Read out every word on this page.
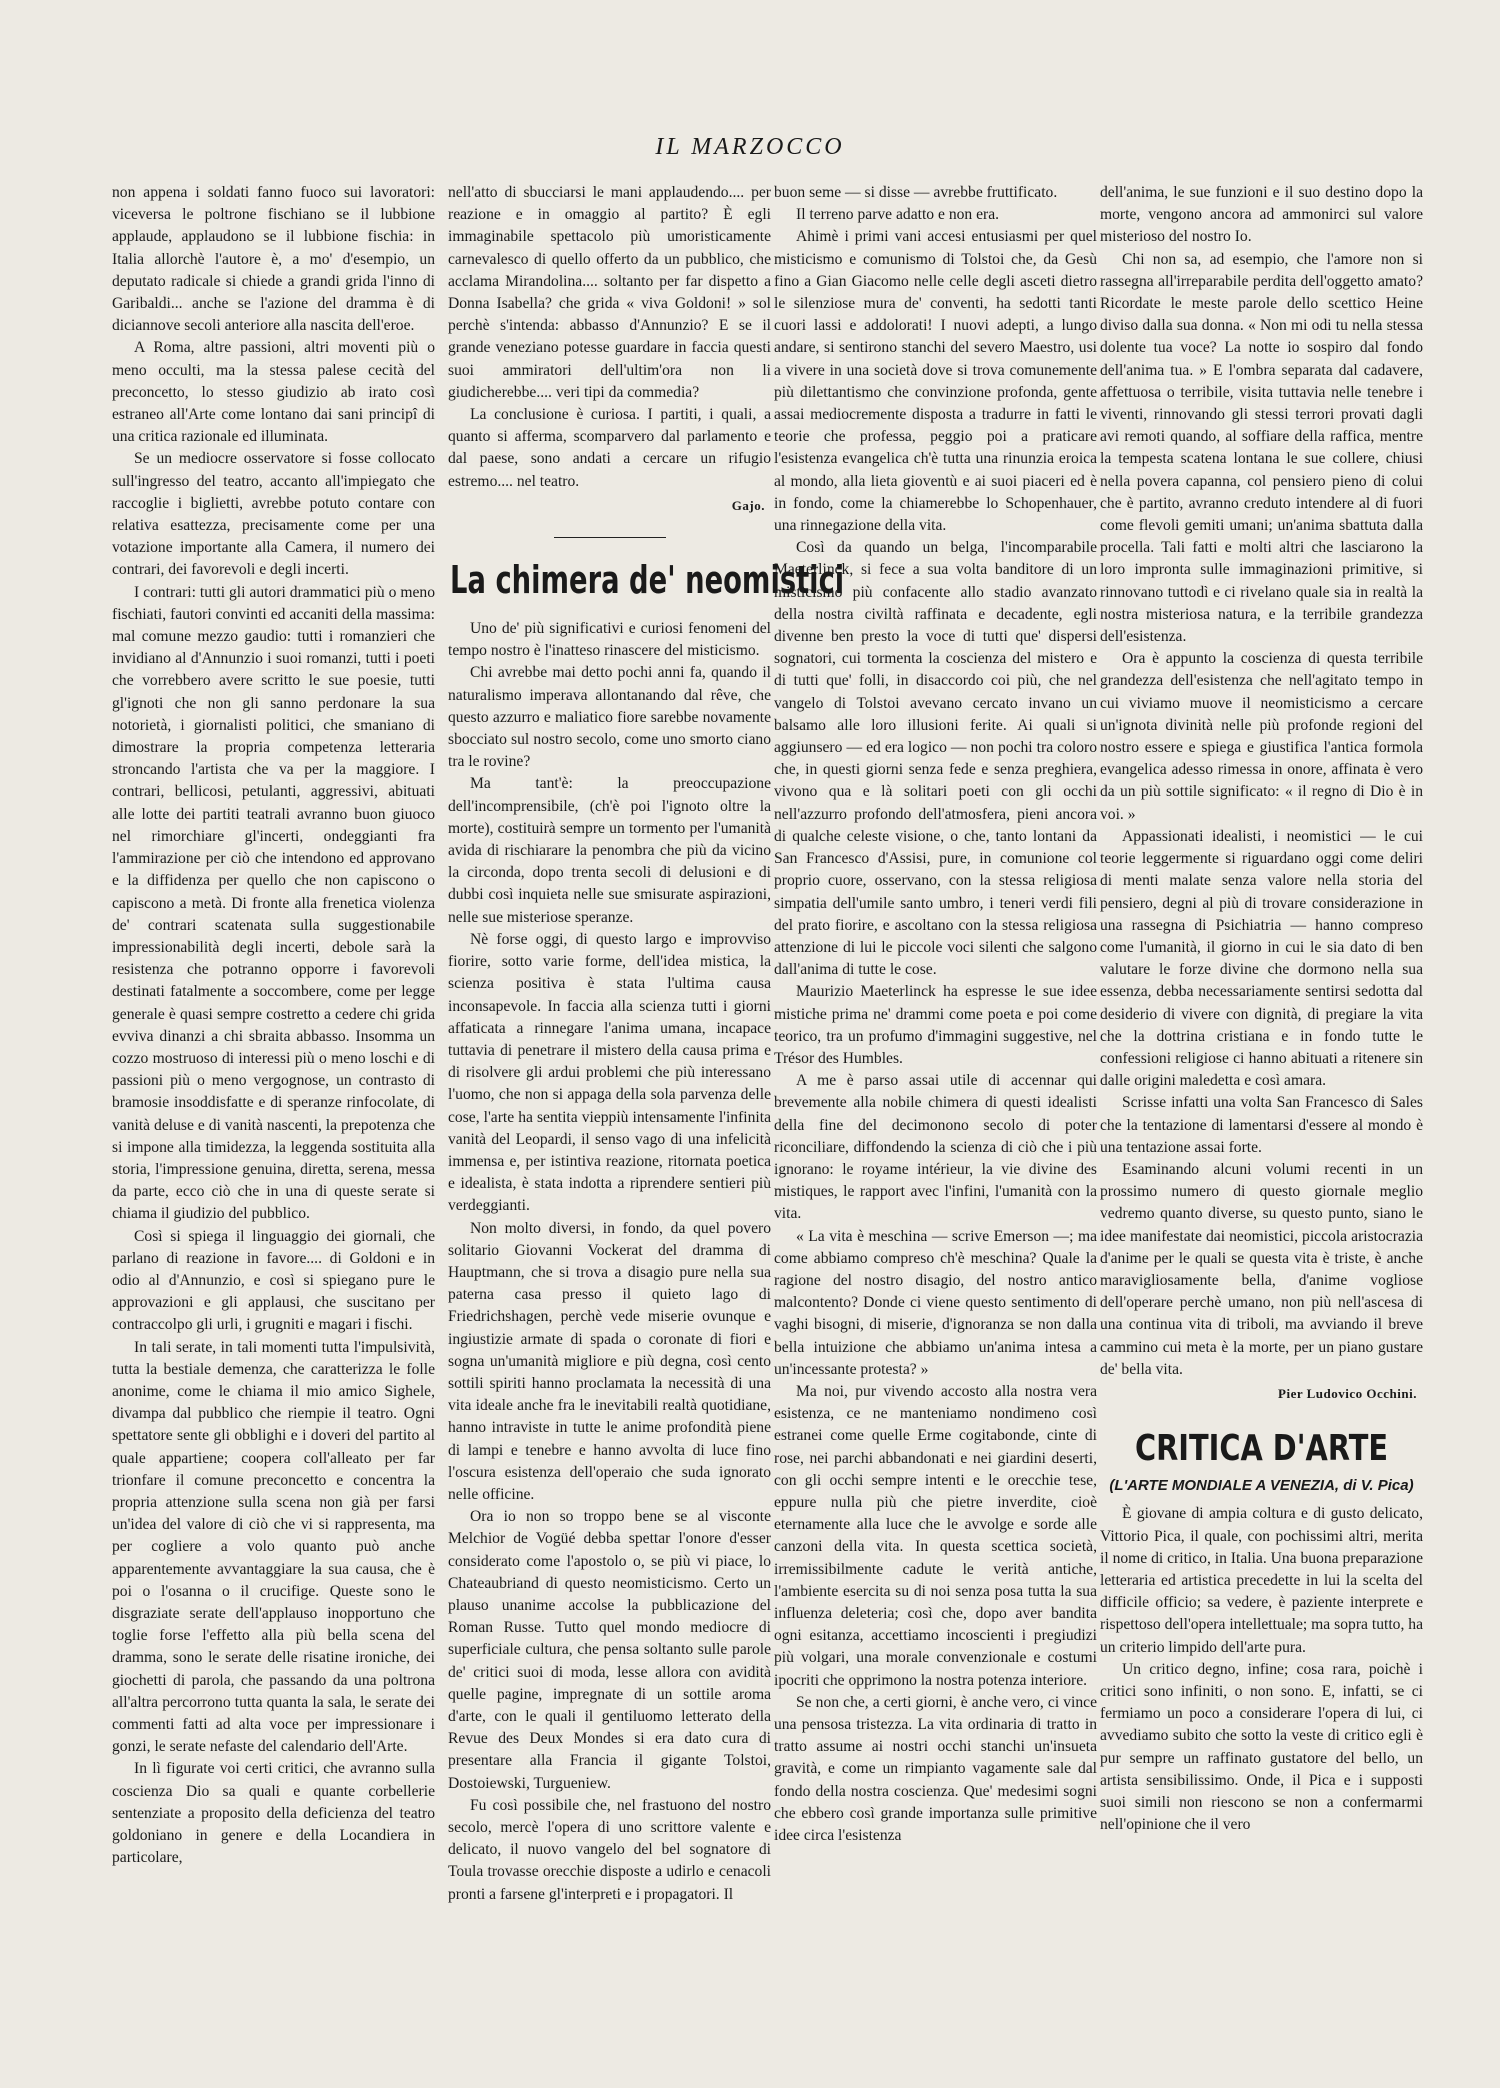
IL MARZOCCO

non appena i soldati fanno fuoco sui lavoratori: viceversa le poltrone fischiano se il lubbione applaude, applaudono se il lubbione fischia: in Italia allorchè l'autore è, a mo' d'esempio, un deputato radicale si chiede a grandi grida l'inno di Garibaldi... anche se l'azione del dramma è di diciannove secoli anteriore alla nascita dell'eroe.

A Roma, altre passioni, altri moventi più o meno occulti, ma la stessa palese cecità del preconcetto, lo stesso giudizio ab irato così estraneo all'Arte come lontano dai sani principî di una critica razionale ed illuminata.

Se un mediocre osservatore si fosse collocato sull'ingresso del teatro, accanto all'impiegato che raccoglie i biglietti, avrebbe potuto contare con relativa esattezza, precisamente come per una votazione importante alla Camera, il numero dei contrari, dei favorevoli e degli incerti.

I contrari: tutti gli autori drammatici più o meno fischiati, fautori convinti ed accaniti della massima: mal comune mezzo gaudio: tutti i romanzieri che invidiano al d'Annunzio i suoi romanzi, tutti i poeti che vorrebbero avere scritto le sue poesie, tutti gl'ignoti che non gli sanno perdonare la sua notorietà, i giornalisti politici, che smaniano di dimostrare la propria competenza letteraria stroncando l'artista che va per la maggiore. I contrari, bellicosi, petulanti, aggressivi, abituati alle lotte dei partiti teatrali avranno buon giuoco nel rimorchiare gl'incerti, ondeggianti fra l'ammirazione per ciò che intendono ed approvano e la diffidenza per quello che non capiscono o capiscono a metà. Di fronte alla frenetica violenza de' contrari scatenata sulla suggestionabile impressionabilità degli incerti, debole sarà la resistenza che potranno opporre i favorevoli destinati fatalmente a soccombere, come per legge generale è quasi sempre costretto a cedere chi grida evviva dinanzi a chi sbraita abbasso. Insomma un cozzo mostruoso di interessi più o meno loschi e di passioni più o meno vergognose, un contrasto di bramosie insoddisfatte e di speranze rinfocolate, di vanità deluse e di vanità nascenti, la prepotenza che si impone alla timidezza, la leggenda sostituita alla storia, l'impressione genuina, diretta, serena, messa da parte, ecco ciò che in una di queste serate si chiama il giudizio del pubblico.

Così si spiega il linguaggio dei giornali, che parlano di reazione in favore.... di Goldoni e in odio al d'Annunzio, e così si spiegano pure le approvazioni e gli applausi, che suscitano per contraccolpo gli urli, i grugniti e magari i fischi.

In tali serate, in tali momenti tutta l'impulsività, tutta la bestiale demenza, che caratterizza le folle anonime, come le chiama il mio amico Sighele, divampa dal pubblico che riempie il teatro. Ogni spettatore sente gli obblighi e i doveri del partito al quale appartiene; coopera coll'alleato per far trionfare il comune preconcetto e concentra la propria attenzione sulla scena non già per farsi un'idea del valore di ciò che vi si rappresenta, ma per cogliere a volo quanto può anche apparentemente avvantaggiare la sua causa, che è poi o l'osanna o il crucifige. Queste sono le disgraziate serate dell'applauso inopportuno che toglie forse l'effetto alla più bella scena del dramma, sono le serate delle risatine ironiche, dei giochetti di parola, che passando da una poltrona all'altra percorrono tutta quanta la sala, le serate dei commenti fatti ad alta voce per impressionare i gonzi, le serate nefaste del calendario dell'Arte.

In lì figurate voi certi critici, che avranno sulla coscienza Dio sa quali e quante corbellerie sentenziate a proposito della deficienza del teatro goldoniano in genere e della Locandiera in particolare,

nell'atto di sbucciarsi le mani applaudendo.... per reazione e in omaggio al partito? È egli immaginabile spettacolo più umoristicamente carnevalesco di quello offerto da un pubblico, che acclama Mirandolina.... soltanto per far dispetto a Donna Isabella? che grida « viva Goldoni! » sol perchè s'intenda: abbasso d'Annunzio? E se il grande veneziano potesse guardare in faccia questi suoi ammiratori dell'ultim'ora non li giudicherebbe.... veri tipi da commedia?

La conclusione è curiosa. I partiti, i quali, a quanto si afferma, scomparvero dal parlamento e dal paese, sono andati a cercare un rifugio estremo.... nel teatro.

Gajo.
La chimera de' neomistici

Uno de' più significativi e curiosi fenomeni del tempo nostro è l'inatteso rinascere del misticismo.

Chi avrebbe mai detto pochi anni fa, quando il naturalismo imperava allontanando dal rêve, che questo azzurro e maliatico fiore sarebbe novamente sbocciato sul nostro secolo, come uno smorto ciano tra le rovine?

Ma tant'è: la preoccupazione dell'incomprensibile, (ch'è poi l'ignoto oltre la morte), costituirà sempre un tormento per l'umanità avida di rischiarare la penombra che più da vicino la circonda, dopo trenta secoli di delusioni e di dubbi così inquieta nelle sue smisurate aspirazioni, nelle sue misteriose speranze.

Nè forse oggi, di questo largo e improvviso fiorire, sotto varie forme, dell'idea mistica, la scienza positiva è stata l'ultima causa inconsapevole. In faccia alla scienza tutti i giorni affaticata a rinnegare l'anima umana, incapace tuttavia di penetrare il mistero della causa prima e di risolvere gli ardui problemi che più interessano l'uomo, che non si appaga della sola parvenza delle cose, l'arte ha sentita vieppiù intensamente l'infinita vanità del Leopardi, il senso vago di una infelicità immensa e, per istintiva reazione, ritornata poetica e idealista, è stata indotta a riprendere sentieri più verdeggianti.

Non molto diversi, in fondo, da quel povero solitario Giovanni Vockerat del dramma di Hauptmann, che si trova a disagio pure nella sua paterna casa presso il quieto lago di Friedrichshagen, perchè vede miserie ovunque e ingiustizie armate di spada o coronate di fiori e sogna un'umanità migliore e più degna, così cento sottili spiriti hanno proclamata la necessità di una vita ideale anche fra le inevitabili realtà quotidiane, hanno intraviste in tutte le anime profondità piene di lampi e tenebre e hanno avvolta di luce fino l'oscura esistenza dell'operaio che suda ignorato nelle officine.

Ora io non so troppo bene se al visconte Melchior de Vogüé debba spettar l'onore d'esser considerato come l'apostolo o, se più vi piace, lo Chateaubriand di questo neomisticismo. Certo un plauso unanime accolse la pubblicazione del Roman Russe. Tutto quel mondo mediocre di superficiale cultura, che pensa soltanto sulle parole de' critici suoi di moda, lesse allora con avidità quelle pagine, impregnate di un sottile aroma d'arte, con le quali il gentiluomo letterato della Revue des Deux Mondes si era dato cura di presentare alla Francia il gigante Tolstoi, Dostoiewski, Turgueniew.

Fu così possibile che, nel frastuono del nostro secolo, mercè l'opera di uno scrittore valente e delicato, il nuovo vangelo del bel sognatore di Toula trovasse orecchie disposte a udirlo e cenacoli pronti a farsene gl'interpreti e i propagatori. Il

buon seme — si disse — avrebbe fruttificato.

Il terreno parve adatto e non era.

Ahimè i primi vani accesi entusiasmi per quel misticismo e comunismo di Tolstoi che, da Gesù fino a Gian Giacomo nelle celle degli asceti dietro le silenziose mura de' conventi, ha sedotti tanti cuori lassi e addolorati! I nuovi adepti, a lungo andare, si sentirono stanchi del severo Maestro, usi a vivere in una società dove si trova comunemente più dilettantismo che convinzione profonda, gente assai mediocremente disposta a tradurre in fatti le teorie che professa, peggio poi a praticare l'esistenza evangelica ch'è tutta una rinunzia eroica al mondo, alla lieta gioventù e ai suoi piaceri ed è in fondo, come la chiamerebbe lo Schopenhauer, una rinnegazione della vita.

Così da quando un belga, l'incomparabile Maeterlinck, si fece a sua volta banditore di un misticismo più confacente allo stadio avanzato della nostra civiltà raffinata e decadente, egli divenne ben presto la voce di tutti que' dispersi sognatori, cui tormenta la coscienza del mistero e di tutti que' folli, in disaccordo coi più, che nel vangelo di Tolstoi avevano cercato invano un balsamo alle loro illusioni ferite. Ai quali si aggiunsero — ed era logico — non pochi tra coloro che, in questi giorni senza fede e senza preghiera, vivono qua e là solitari poeti con gli occhi nell'azzurro profondo dell'atmosfera, pieni ancora di qualche celeste visione, o che, tanto lontani da San Francesco d'Assisi, pure, in comunione col proprio cuore, osservano, con la stessa religiosa simpatia dell'umile santo umbro, i teneri verdi fili del prato fiorire, e ascoltano con la stessa religiosa attenzione di lui le piccole voci silenti che salgono dall'anima di tutte le cose.

Maurizio Maeterlinck ha espresse le sue idee mistiche prima ne' drammi come poeta e poi come teorico, tra un profumo d'immagini suggestive, nel Trésor des Humbles.

A me è parso assai utile di accennar qui brevemente alla nobile chimera di questi idealisti della fine del decimonono secolo di poter riconciliare, diffondendo la scienza di ciò che i più ignorano: le royame intérieur, la vie divine des mistiques, le rapport avec l'infini, l'umanità con la vita.

« La vita è meschina — scrive Emerson —; ma come abbiamo compreso ch'è meschina? Quale la ragione del nostro disagio, del nostro antico malcontento? Donde ci viene questo sentimento di vaghi bisogni, di miserie, d'ignoranza se non dalla bella intuizione che abbiamo un'anima intesa a un'incessante protesta? »

Ma noi, pur vivendo accosto alla nostra vera esistenza, ce ne manteniamo nondimeno così estranei come quelle Erme cogitabonde, cinte di rose, nei parchi abbandonati e nei giardini deserti, con gli occhi sempre intenti e le orecchie tese, eppure nulla più che pietre inverdite, cioè eternamente alla luce che le avvolge e sorde alle canzoni della vita. In questa scettica società, irremissibilmente cadute le verità antiche, l'ambiente esercita su di noi senza posa tutta la sua influenza deleteria; così che, dopo aver bandita ogni esitanza, accettiamo incoscienti i pregiudizi più volgari, una morale convenzionale e costumi ipocriti che opprimono la nostra potenza interiore.

Se non che, a certi giorni, è anche vero, ci vince una pensosa tristezza. La vita ordinaria di tratto in tratto assume ai nostri occhi stanchi un'insueta gravità, e come un rimpianto vagamente sale dal fondo della nostra coscienza. Que' medesimi sogni che ebbero così grande importanza sulle primitive idee circa l'esistenza

dell'anima, le sue funzioni e il suo destino dopo la morte, vengono ancora ad ammonirci sul valore misterioso del nostro Io.

Chi non sa, ad esempio, che l'amore non si rassegna all'irreparabile perdita dell'oggetto amato? Ricordate le meste parole dello scettico Heine diviso dalla sua donna. « Non mi odi tu nella stessa dolente tua voce? La notte io sospiro dal fondo dell'anima tua. » E l'ombra separata dal cadavere, affettuosa o terribile, visita tuttavia nelle tenebre i viventi, rinnovando gli stessi terrori provati dagli avi remoti quando, al soffiare della raffica, mentre la tempesta scatena lontana le sue collere, chiusi nella povera capanna, col pensiero pieno di colui che è partito, avranno creduto intendere al di fuori come flevoli gemiti umani; un'anima sbattuta dalla procella. Tali fatti e molti altri che lasciarono la loro impronta sulle immaginazioni primitive, si rinnovano tuttodì e ci rivelano quale sia in realtà la nostra misteriosa natura, e la terribile grandezza dell'esistenza.

Ora è appunto la coscienza di questa terribile grandezza dell'esistenza che nell'agitato tempo in cui viviamo muove il neomisticismo a cercare un'ignota divinità nelle più profonde regioni del nostro essere e spiega e giustifica l'antica formola evangelica adesso rimessa in onore, affinata è vero da un più sottile significato: « il regno di Dio è in voi. »

Appassionati idealisti, i neomistici — le cui teorie leggermente si riguardano oggi come deliri di menti malate senza valore nella storia del pensiero, degni al più di trovare considerazione in una rassegna di Psichiatria — hanno compreso come l'umanità, il giorno in cui le sia dato di ben valutare le forze divine che dormono nella sua essenza, debba necessariamente sentirsi sedotta dal desiderio di vivere con dignità, di pregiare la vita che la dottrina cristiana e in fondo tutte le confessioni religiose ci hanno abituati a ritenere sin dalle origini maledetta e così amara.

Scrisse infatti una volta San Francesco di Sales che la tentazione di lamentarsi d'essere al mondo è una tentazione assai forte.

Esaminando alcuni volumi recenti in un prossimo numero di questo giornale meglio vedremo quanto diverse, su questo punto, siano le idee manifestate dai neomistici, piccola aristocrazia d'anime per le quali se questa vita è triste, è anche maravigliosamente bella, d'anime vogliose dell'operare perchè umano, non più nell'ascesa di una continua vita di triboli, ma avviando il breve cammino cui meta è la morte, per un piano gustare de' bella vita.

Pier Ludovico Occhini.
CRITICA D'ARTE
(L'ARTE MONDIALE A VENEZIA, di V. Pica)

È giovane di ampia coltura e di gusto delicato, Vittorio Pica, il quale, con pochissimi altri, merita il nome di critico, in Italia. Una buona preparazione letteraria ed artistica precedette in lui la scelta del difficile officio; sa vedere, è paziente interprete e rispettoso dell'opera intellettuale; ma sopra tutto, ha un criterio limpido dell'arte pura.

Un critico degno, infine; cosa rara, poichè i critici sono infiniti, o non sono. E, infatti, se ci fermiamo un poco a considerare l'opera di lui, ci avvediamo subito che sotto la veste di critico egli è pur sempre un raffinato gustatore del bello, un artista sensibilissimo. Onde, il Pica e i supposti suoi simili non riescono se non a confermarmi nell'opinione che il vero
